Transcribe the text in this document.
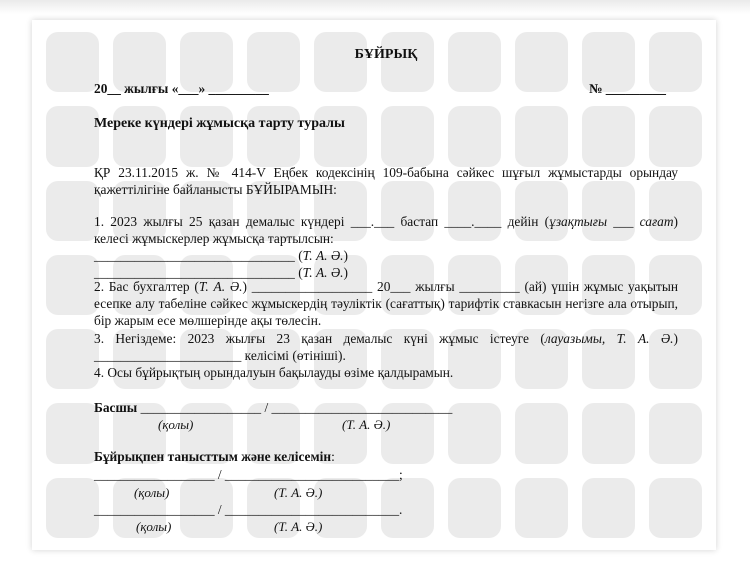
БҰЙРЫҚ
20__ жылғы «___» _________	№ _________
Мереке күндері жұмысқа тарту туралы

ҚР 23.11.2015 ж. № 414-V Еңбек кодексінің 109-бабына сәйкес шұғыл жұмыстарды орындау қажеттілігіне байланысты БҰЙЫРАМЫН:

1. 2023 жылғы 25 қазан демалыс күндері ___.___ бастап ____.____ дейін (ұзақтығы ___ сағат) келесі жұмыскерлер жұмысқа тартылсын:
______________________________ (Т. А. Ә.)
______________________________ (Т. А. Ә.)

2. Бас бухгалтер (Т. А. Ә.) __________________ 20___ жылғы _________ (ай) үшін жұмыс уақытын есепке алу табеліне сәйкес жұмыскердің тәуліктік (сағаттық) тарифтік ставкасын негізге ала отырып, бір жарым есе мөлшерінде ақы төлесін.

3. Негіздеме: 2023 жылғы 23 қазан демалыс күні жұмыс істеуге (лауазымы, Т. А. Ә.) ______________________ келісімі (өтініші).

4. Осы бұйрықтың орындалуын бақылауды өзіме қалдырамын.

Басшы __________________ / ___________________________
(қолы)	(Т. А. Ә.)
Бұйрықпен танысттым және келісемін:
__________________ / __________________________;
(қолы)	(Т. А. Ә.)
__________________ / __________________________.
(қолы)	(Т. А. Ә.)
